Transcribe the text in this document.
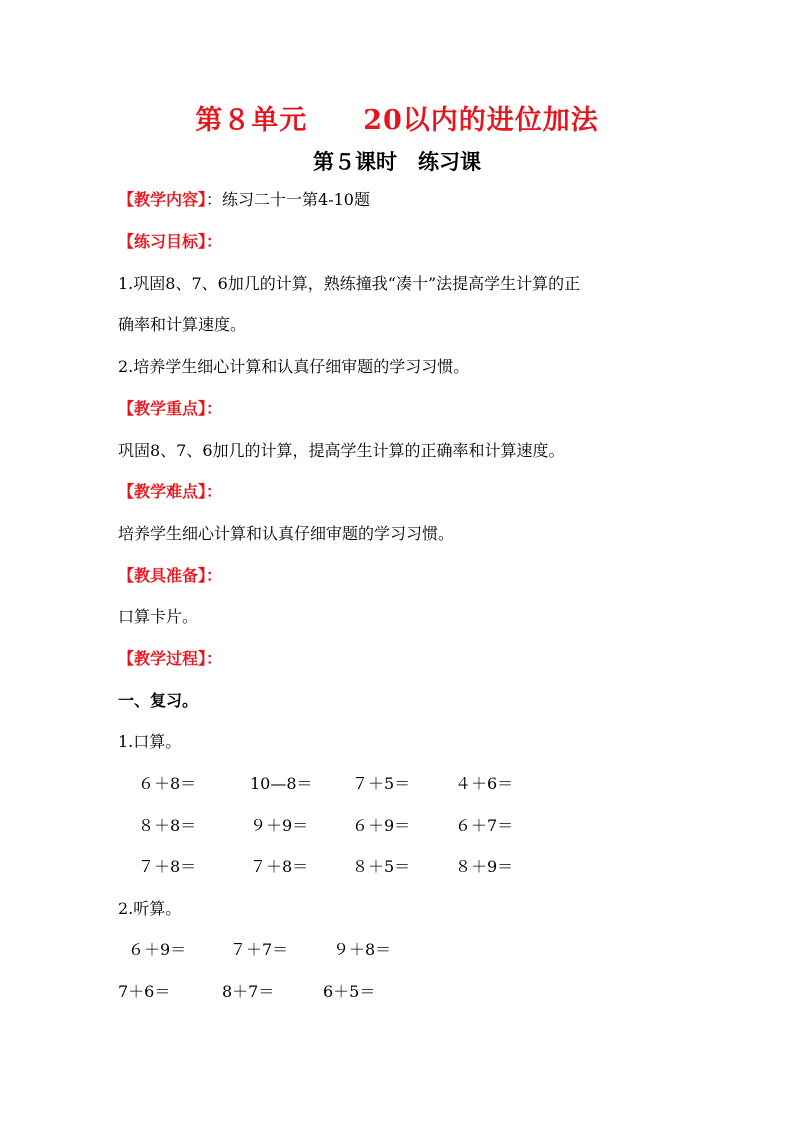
第８单元　　20以内的进位加法
第５课时　练习课
【教学内容】：练习二十一第4-10题
【练习目标】：
1.巩固8、7、6加几的计算，熟练撞我“凑十”法提高学生计算的正
确率和计算速度。
2.培养学生细心计算和认真仔细审题的学习习惯。
【教学重点】：
巩固8、7、6加几的计算，提高学生计算的正确率和计算速度。
【教学难点】：
培养学生细心计算和认真仔细审题的学习习惯。
【教具准备】：
口算卡片。
【教学过程】：
一、复习。
1.口算。
６＋8＝	10—8＝ ７＋5＝	４＋6＝
８＋8＝	９＋9＝	６＋9＝	６＋7＝
７＋8＝	７＋8＝	８＋5＝	８＋9＝
2.听算。
６＋9＝	７＋7＝	９＋8＝
7＋6＝	8＋7＝	6＋5＝
